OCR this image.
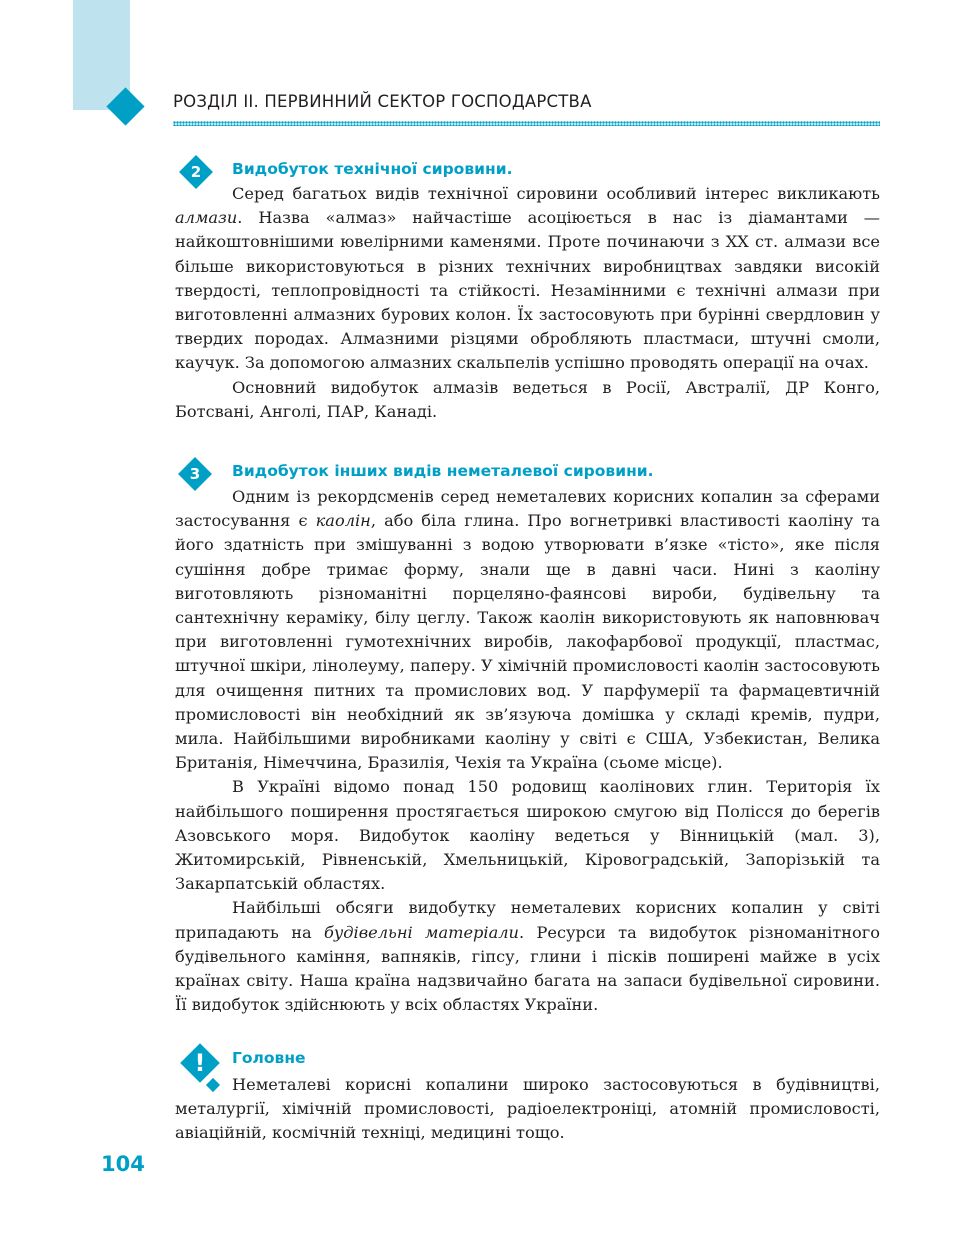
РОЗДІЛ II. ПЕРВИННИЙ СЕКТОР ГОСПОДАРСТВА
2	Видобуток технічної сировини.

Серед багатьох видів технічної сировини особливий інтерес викликають алмази. Назва «алмаз» найчастіше асоціюється в нас із діамантами — найкоштовнішими ювелірними каменями. Проте починаючи з XX ст. алмази все більше використовуються в різних технічних виробництвах завдяки високій твердості, теплопровідності та стійкості. Незамінними є технічні алмази при виготовленні алмазних бурових колон. Їх застосовують при бурінні свердловин у твердих породах. Алмазними різцями обробляють пластмаси, штучні смоли, каучук. За допомогою алмазних скальпелів успішно проводять операції на очах.

Основний видобуток алмазів ведеться в Росії, Австралії, ДР Конго, Ботсвані, Анголі, ПАР, Канаді.

3	Видобуток інших видів неметалевої сировини.

Одним із рекордсменів серед неметалевих корисних копалин за сферами застосування є каолін, або біла глина. Про вогнетривкі властивості каоліну та його здатність при змішуванні з водою утворювати в’язке «тісто», яке після сушіння добре тримає форму, знали ще в давні часи. Нині з каоліну виготовляють різноманітні порцеляно-фаянсові вироби, будівельну та сантехнічну кераміку, білу цеглу. Також каолін використовують як наповнювач при виготовленні гумотехнічних виробів, лакофарбової продукції, пластмас, штучної шкіри, лінолеуму, паперу. У хімічній промисловості каолін застосовують для очищення питних та промислових вод. У парфумерії та фармацевтичній промисловості він необхідний як зв’язуюча домішка у складі кремів, пудри, мила. Найбільшими виробниками каоліну у світі є США, Узбекистан, Велика Британія, Німеччина, Бразилія, Чехія та Україна (сьоме місце).

В Україні відомо понад 150 родовищ каолінових глин. Територія їх найбільшого поширення простягається широкою смугою від Полісся до берегів Азовського моря. Видобуток каоліну ведеться у Вінницькій (мал. 3), Житомирській, Рівненській, Хмельницькій, Кіровоградській, Запорізькій та Закарпатській областях.

Найбільші обсяги видобутку неметалевих корисних копалин у світі припадають на будівельні матеріали. Ресурси та видобуток різноманітного будівельного каміння, вапняків, гіпсу, глини і пісків поширені майже в усіх країнах світу. Наша країна надзвичайно багата на запаси будівельної сировини. Її видобуток здійснюють у всіх областях України.

!	Головне

Неметалеві корисні копалини широко застосовуються в будівництві, металургії, хімічній промисловості, радіоелектроніці, атомній промисловості, авіаційній, космічній техніці, медицині тощо.

104
